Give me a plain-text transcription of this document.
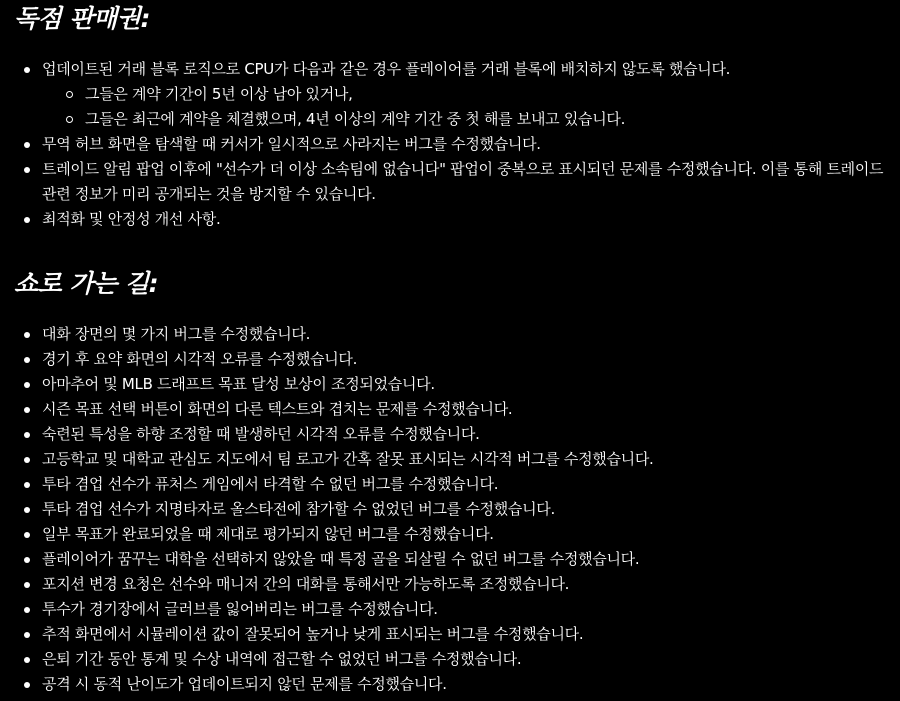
독점 판매권:
업데이트된 거래 블록 로직으로 CPU가 다음과 같은 경우 플레이어를 거래 블록에 배치하지 않도록 했습니다.
그들은 계약 기간이 5년 이상 남아 있거나,
그들은 최근에 계약을 체결했으며, 4년 이상의 계약 기간 중 첫 해를 보내고 있습니다.
무역 허브 화면을 탐색할 때 커서가 일시적으로 사라지는 버그를 수정했습니다.
트레이드 알림 팝업 이후에 "선수가 더 이상 소속팀에 없습니다" 팝업이 중복으로 표시되던 문제를 수정했습니다. 이를 통해 트레이드 관련 정보가 미리 공개되는 것을 방지할 수 있습니다.
최적화 및 안정성 개선 사항.
쇼로 가는 길:
대화 장면의 몇 가지 버그를 수정했습니다.
경기 후 요약 화면의 시각적 오류를 수정했습니다.
아마추어 및 MLB 드래프트 목표 달성 보상이 조정되었습니다.
시즌 목표 선택 버튼이 화면의 다른 텍스트와 겹치는 문제를 수정했습니다.
숙련된 특성을 하향 조정할 때 발생하던 시각적 오류를 수정했습니다.
고등학교 및 대학교 관심도 지도에서 팀 로고가 간혹 잘못 표시되는 시각적 버그를 수정했습니다.
투타 겸업 선수가 퓨처스 게임에서 타격할 수 없던 버그를 수정했습니다.
투타 겸업 선수가 지명타자로 올스타전에 참가할 수 없었던 버그를 수정했습니다.
일부 목표가 완료되었을 때 제대로 평가되지 않던 버그를 수정했습니다.
플레이어가 꿈꾸는 대학을 선택하지 않았을 때 특정 골을 되살릴 수 없던 버그를 수정했습니다.
포지션 변경 요청은 선수와 매니저 간의 대화를 통해서만 가능하도록 조정했습니다.
투수가 경기장에서 글러브를 잃어버리는 버그를 수정했습니다.
추적 화면에서 시뮬레이션 값이 잘못되어 높거나 낮게 표시되는 버그를 수정했습니다.
은퇴 기간 동안 통계 및 수상 내역에 접근할 수 없었던 버그를 수정했습니다.
공격 시 동적 난이도가 업데이트되지 않던 문제를 수정했습니다.
